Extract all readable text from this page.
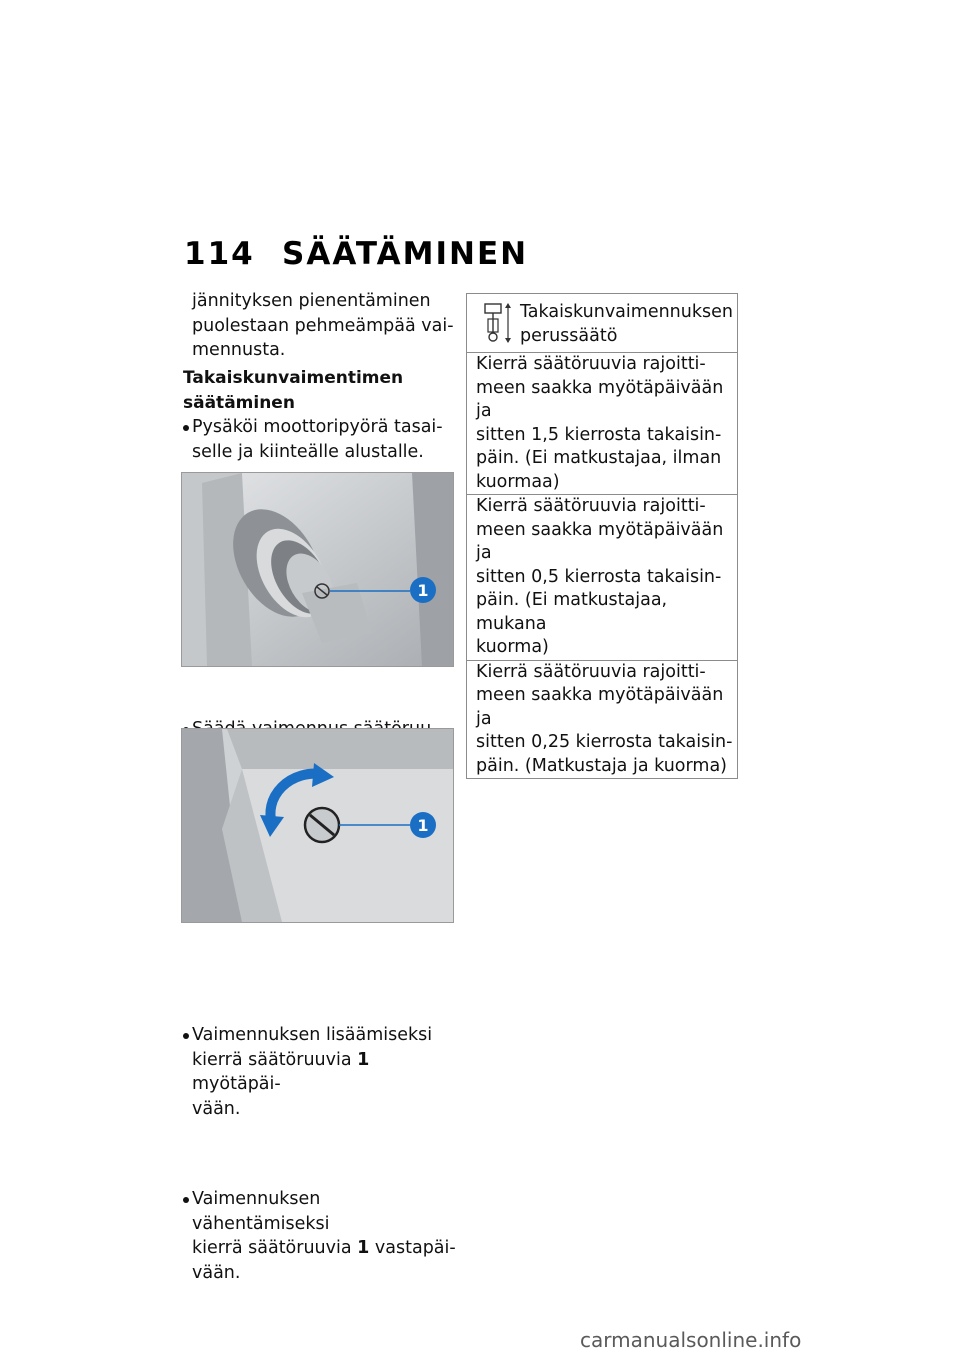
114 SÄÄTÄMINEN
jännityksen pienentäminen
puolestaan pehmeämpää vai-
mennusta.
Takaiskunvaimentimen
säätäminen
Pysäköi moottoripyörä tasai-
selle ja kiinteälle alustalle.
1
1
Vaimennuksen lisäämiseksi
kierrä säätöruuvia 1 myötäpäi-
vään.
Vaimennuksen vähentämiseksi
kierrä säätöruuvia 1 vastapäi-
vään.
Takaiskunvaimennuksen
perussäätö
Kierrä säätöruuvia rajoitti-
meen saakka myötäpäivään ja
sitten 1,5 kierrosta takaisin-
päin. (Ei matkustajaa, ilman
kuormaa)
Kierrä säätöruuvia rajoitti-
meen saakka myötäpäivään ja
sitten 0,5 kierrosta takaisin-
päin. (Ei matkustajaa, mukana
kuorma)
Kierrä säätöruuvia rajoitti-
meen saakka myötäpäivään ja
sitten 0,25 kierrosta takaisin-
päin. (Matkustaja ja kuorma)
carmanualsonline.info
